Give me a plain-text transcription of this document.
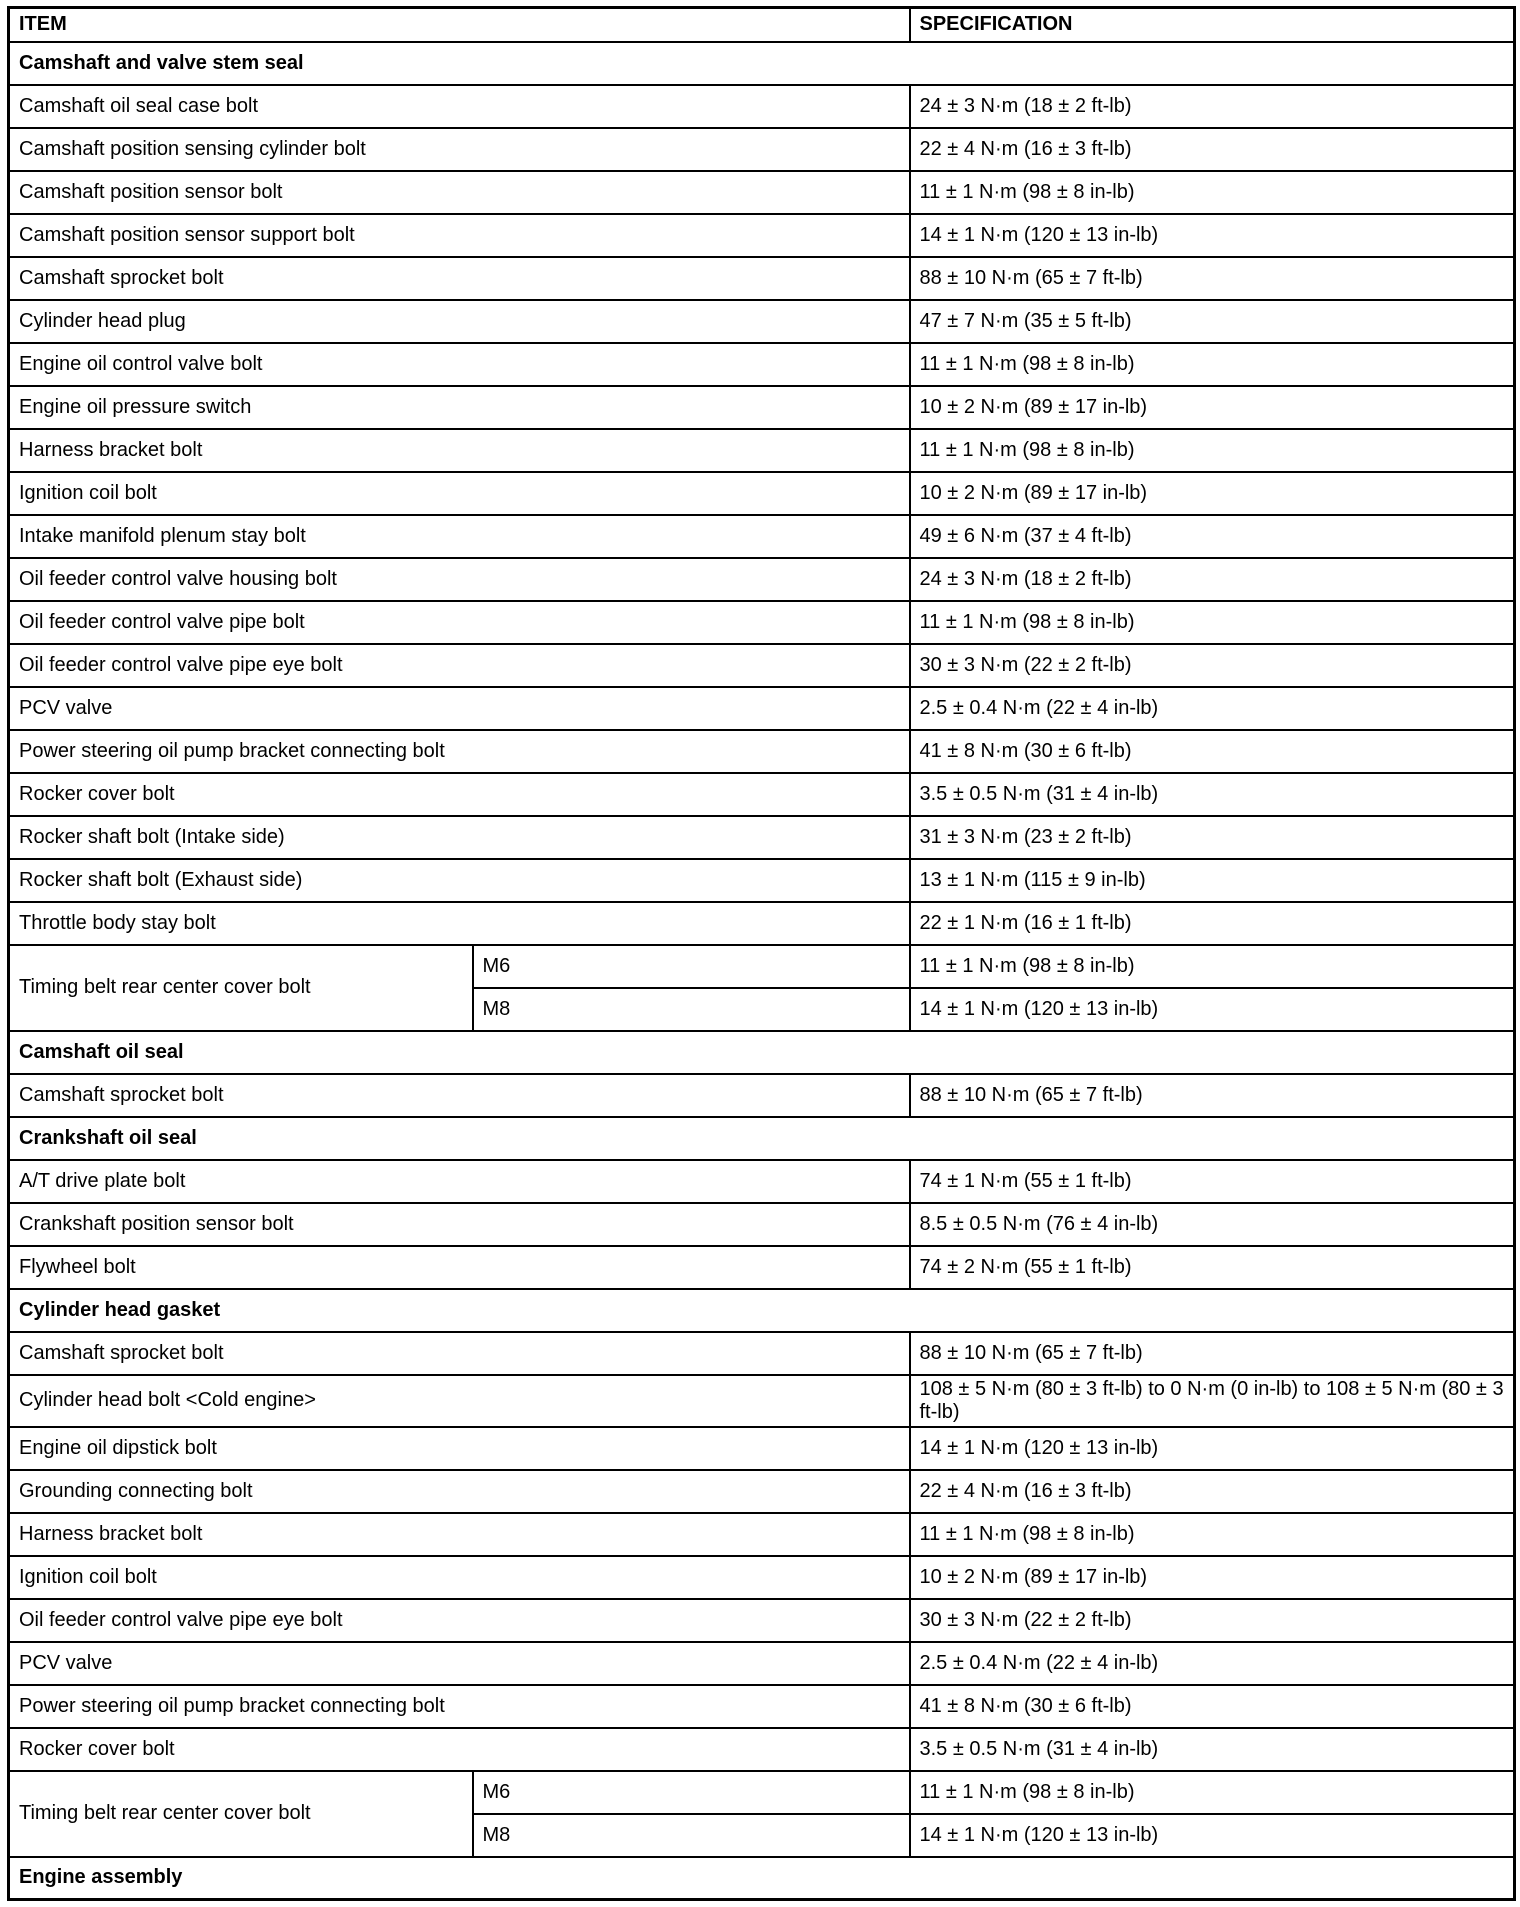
ITEM		SPECIFICATION
Camshaft and valve stem seal		
Camshaft oil seal case bolt		24 ± 3 N·m (18 ± 2 ft-lb)
Camshaft position sensing cylinder bolt		22 ± 4 N·m (16 ± 3 ft-lb)
Camshaft position sensor bolt		11 ± 1 N·m (98 ± 8 in-lb)
Camshaft position sensor support bolt		14 ± 1 N·m (120 ± 13 in-lb)
Camshaft sprocket bolt		88 ± 10 N·m (65 ± 7 ft-lb)
Cylinder head plug		47 ± 7 N·m (35 ± 5 ft-lb)
Engine oil control valve bolt		11 ± 1 N·m (98 ± 8 in-lb)
Engine oil pressure switch		10 ± 2 N·m (89 ± 17 in-lb)
Harness bracket bolt		11 ± 1 N·m (98 ± 8 in-lb)
Ignition coil bolt		10 ± 2 N·m (89 ± 17 in-lb)
Intake manifold plenum stay bolt		49 ± 6 N·m (37 ± 4 ft-lb)
Oil feeder control valve housing bolt		24 ± 3 N·m (18 ± 2 ft-lb)
Oil feeder control valve pipe bolt		11 ± 1 N·m (98 ± 8 in-lb)
Oil feeder control valve pipe eye bolt		30 ± 3 N·m (22 ± 2 ft-lb)
PCV valve		2.5 ± 0.4 N·m (22 ± 4 in-lb)
Power steering oil pump bracket connecting bolt		41 ± 8 N·m (30 ± 6 ft-lb)
Rocker cover bolt		3.5 ± 0.5 N·m (31 ± 4 in-lb)
Rocker shaft bolt (Intake side)		31 ± 3 N·m (23 ± 2 ft-lb)
Rocker shaft bolt (Exhaust side)		13 ± 1 N·m (115 ± 9 in-lb)
Throttle body stay bolt		22 ± 1 N·m (16 ± 1 ft-lb)
Timing belt rear center cover bolt	M6	11 ± 1 N·m (98 ± 8 in-lb)
	M8	14 ± 1 N·m (120 ± 13 in-lb)
Camshaft oil seal		
Camshaft sprocket bolt		88 ± 10 N·m (65 ± 7 ft-lb)
Crankshaft oil seal		
A/T drive plate bolt		74 ± 1 N·m (55 ± 1 ft-lb)
Crankshaft position sensor bolt		8.5 ± 0.5 N·m (76 ± 4 in-lb)
Flywheel bolt		74 ± 2 N·m (55 ± 1 ft-lb)
Cylinder head gasket		
Camshaft sprocket bolt		88 ± 10 N·m (65 ± 7 ft-lb)
Cylinder head bolt <Cold engine>		108 ± 5 N·m (80 ± 3 ft-lb) to 0 N·m (0 in-lb) to 108 ± 5 N·m (80 ± 3 ft-lb)
Engine oil dipstick bolt		14 ± 1 N·m (120 ± 13 in-lb)
Grounding connecting bolt		22 ± 4 N·m (16 ± 3 ft-lb)
Harness bracket bolt		11 ± 1 N·m (98 ± 8 in-lb)
Ignition coil bolt		10 ± 2 N·m (89 ± 17 in-lb)
Oil feeder control valve pipe eye bolt		30 ± 3 N·m (22 ± 2 ft-lb)
PCV valve		2.5 ± 0.4 N·m (22 ± 4 in-lb)
Power steering oil pump bracket connecting bolt		41 ± 8 N·m (30 ± 6 ft-lb)
Rocker cover bolt		3.5 ± 0.5 N·m (31 ± 4 in-lb)
Timing belt rear center cover bolt	M6	11 ± 1 N·m (98 ± 8 in-lb)
	M8	14 ± 1 N·m (120 ± 13 in-lb)
Engine assembly		
